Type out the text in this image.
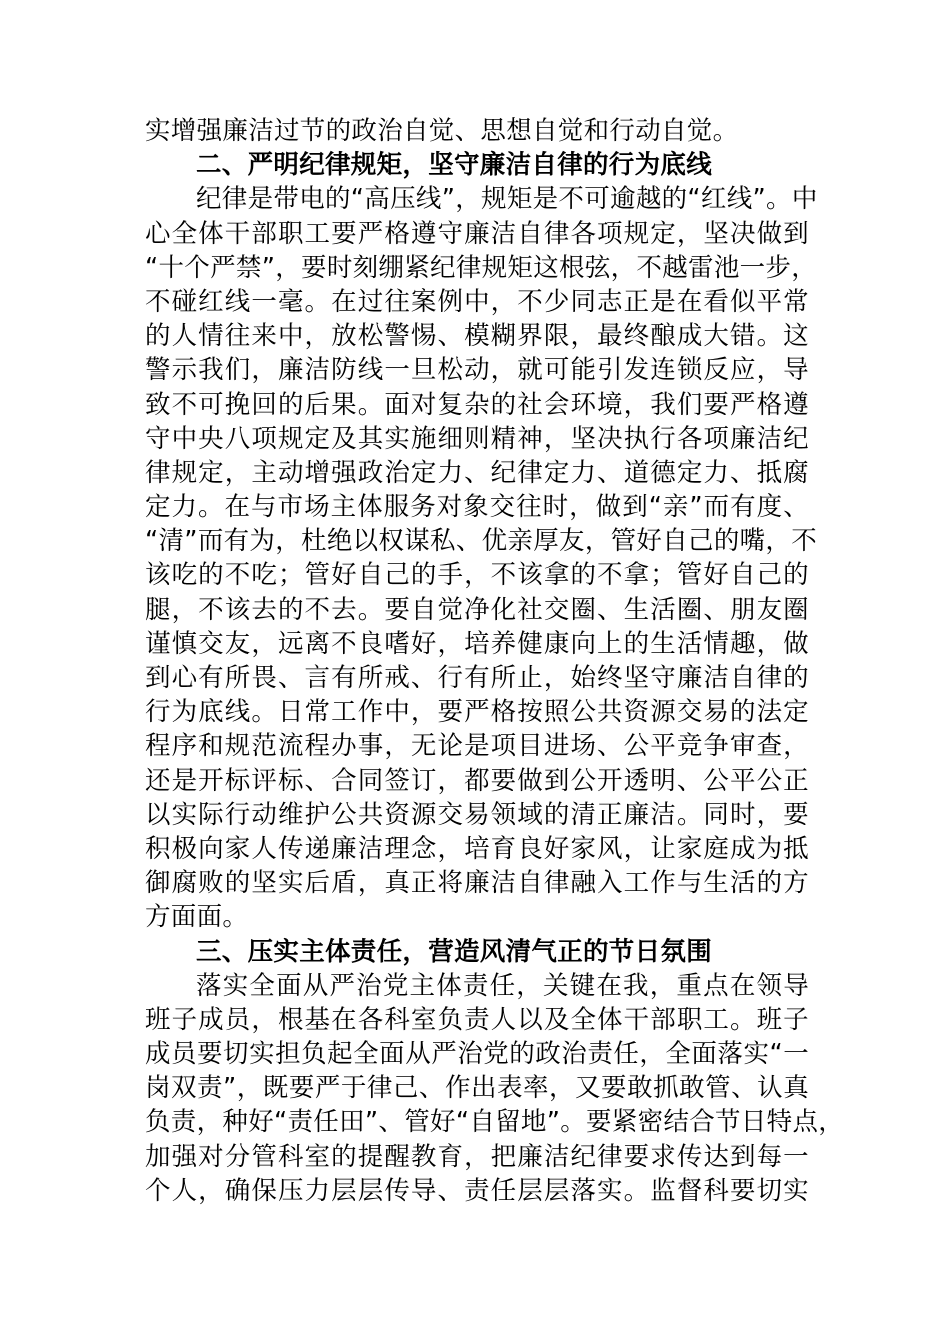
实增强廉洁过节的政治自觉、思想自觉和行动自觉。
二、严明纪律规矩，坚守廉洁自律的行为底线
纪律是带电的“高压线”，规矩是不可逾越的“红线”。中
心全体干部职工要严格遵守廉洁自律各项规定，坚决做到
“十个严禁”，要时刻绷紧纪律规矩这根弦，不越雷池一步，
不碰红线一毫。在过往案例中，不少同志正是在看似平常
的人情往来中，放松警惕、模糊界限，最终酿成大错。这
警示我们，廉洁防线一旦松动，就可能引发连锁反应，导
致不可挽回的后果。面对复杂的社会环境，我们要严格遵
守中央八项规定及其实施细则精神，坚决执行各项廉洁纪
律规定，主动增强政治定力、纪律定力、道德定力、抵腐
定力。在与市场主体服务对象交往时，做到“亲”而有度、
“清”而有为，杜绝以权谋私、优亲厚友，管好自己的嘴，不
该吃的不吃；管好自己的手，不该拿的不拿；管好自己的
腿，不该去的不去。要自觉净化社交圈、生活圈、朋友圈
谨慎交友，远离不良嗜好，培养健康向上的生活情趣，做
到心有所畏、言有所戒、行有所止，始终坚守廉洁自律的
行为底线。日常工作中，要严格按照公共资源交易的法定
程序和规范流程办事，无论是项目进场、公平竞争审查，
还是开标评标、合同签订，都要做到公开透明、公平公正
以实际行动维护公共资源交易领域的清正廉洁。同时，要
积极向家人传递廉洁理念，培育良好家风，让家庭成为抵
御腐败的坚实后盾，真正将廉洁自律融入工作与生活的方
方面面。
三、压实主体责任，营造风清气正的节日氛围
落实全面从严治党主体责任，关键在我，重点在领导
班子成员，根基在各科室负责人以及全体干部职工。班子
成员要切实担负起全面从严治党的政治责任，全面落实“一
岗双责”，既要严于律己、作出表率，又要敢抓敢管、认真
负责，种好“责任田”、管好“自留地”。要紧密结合节日特点，
加强对分管科室的提醒教育，把廉洁纪律要求传达到每一
个人，确保压力层层传导、责任层层落实。监督科要切实
